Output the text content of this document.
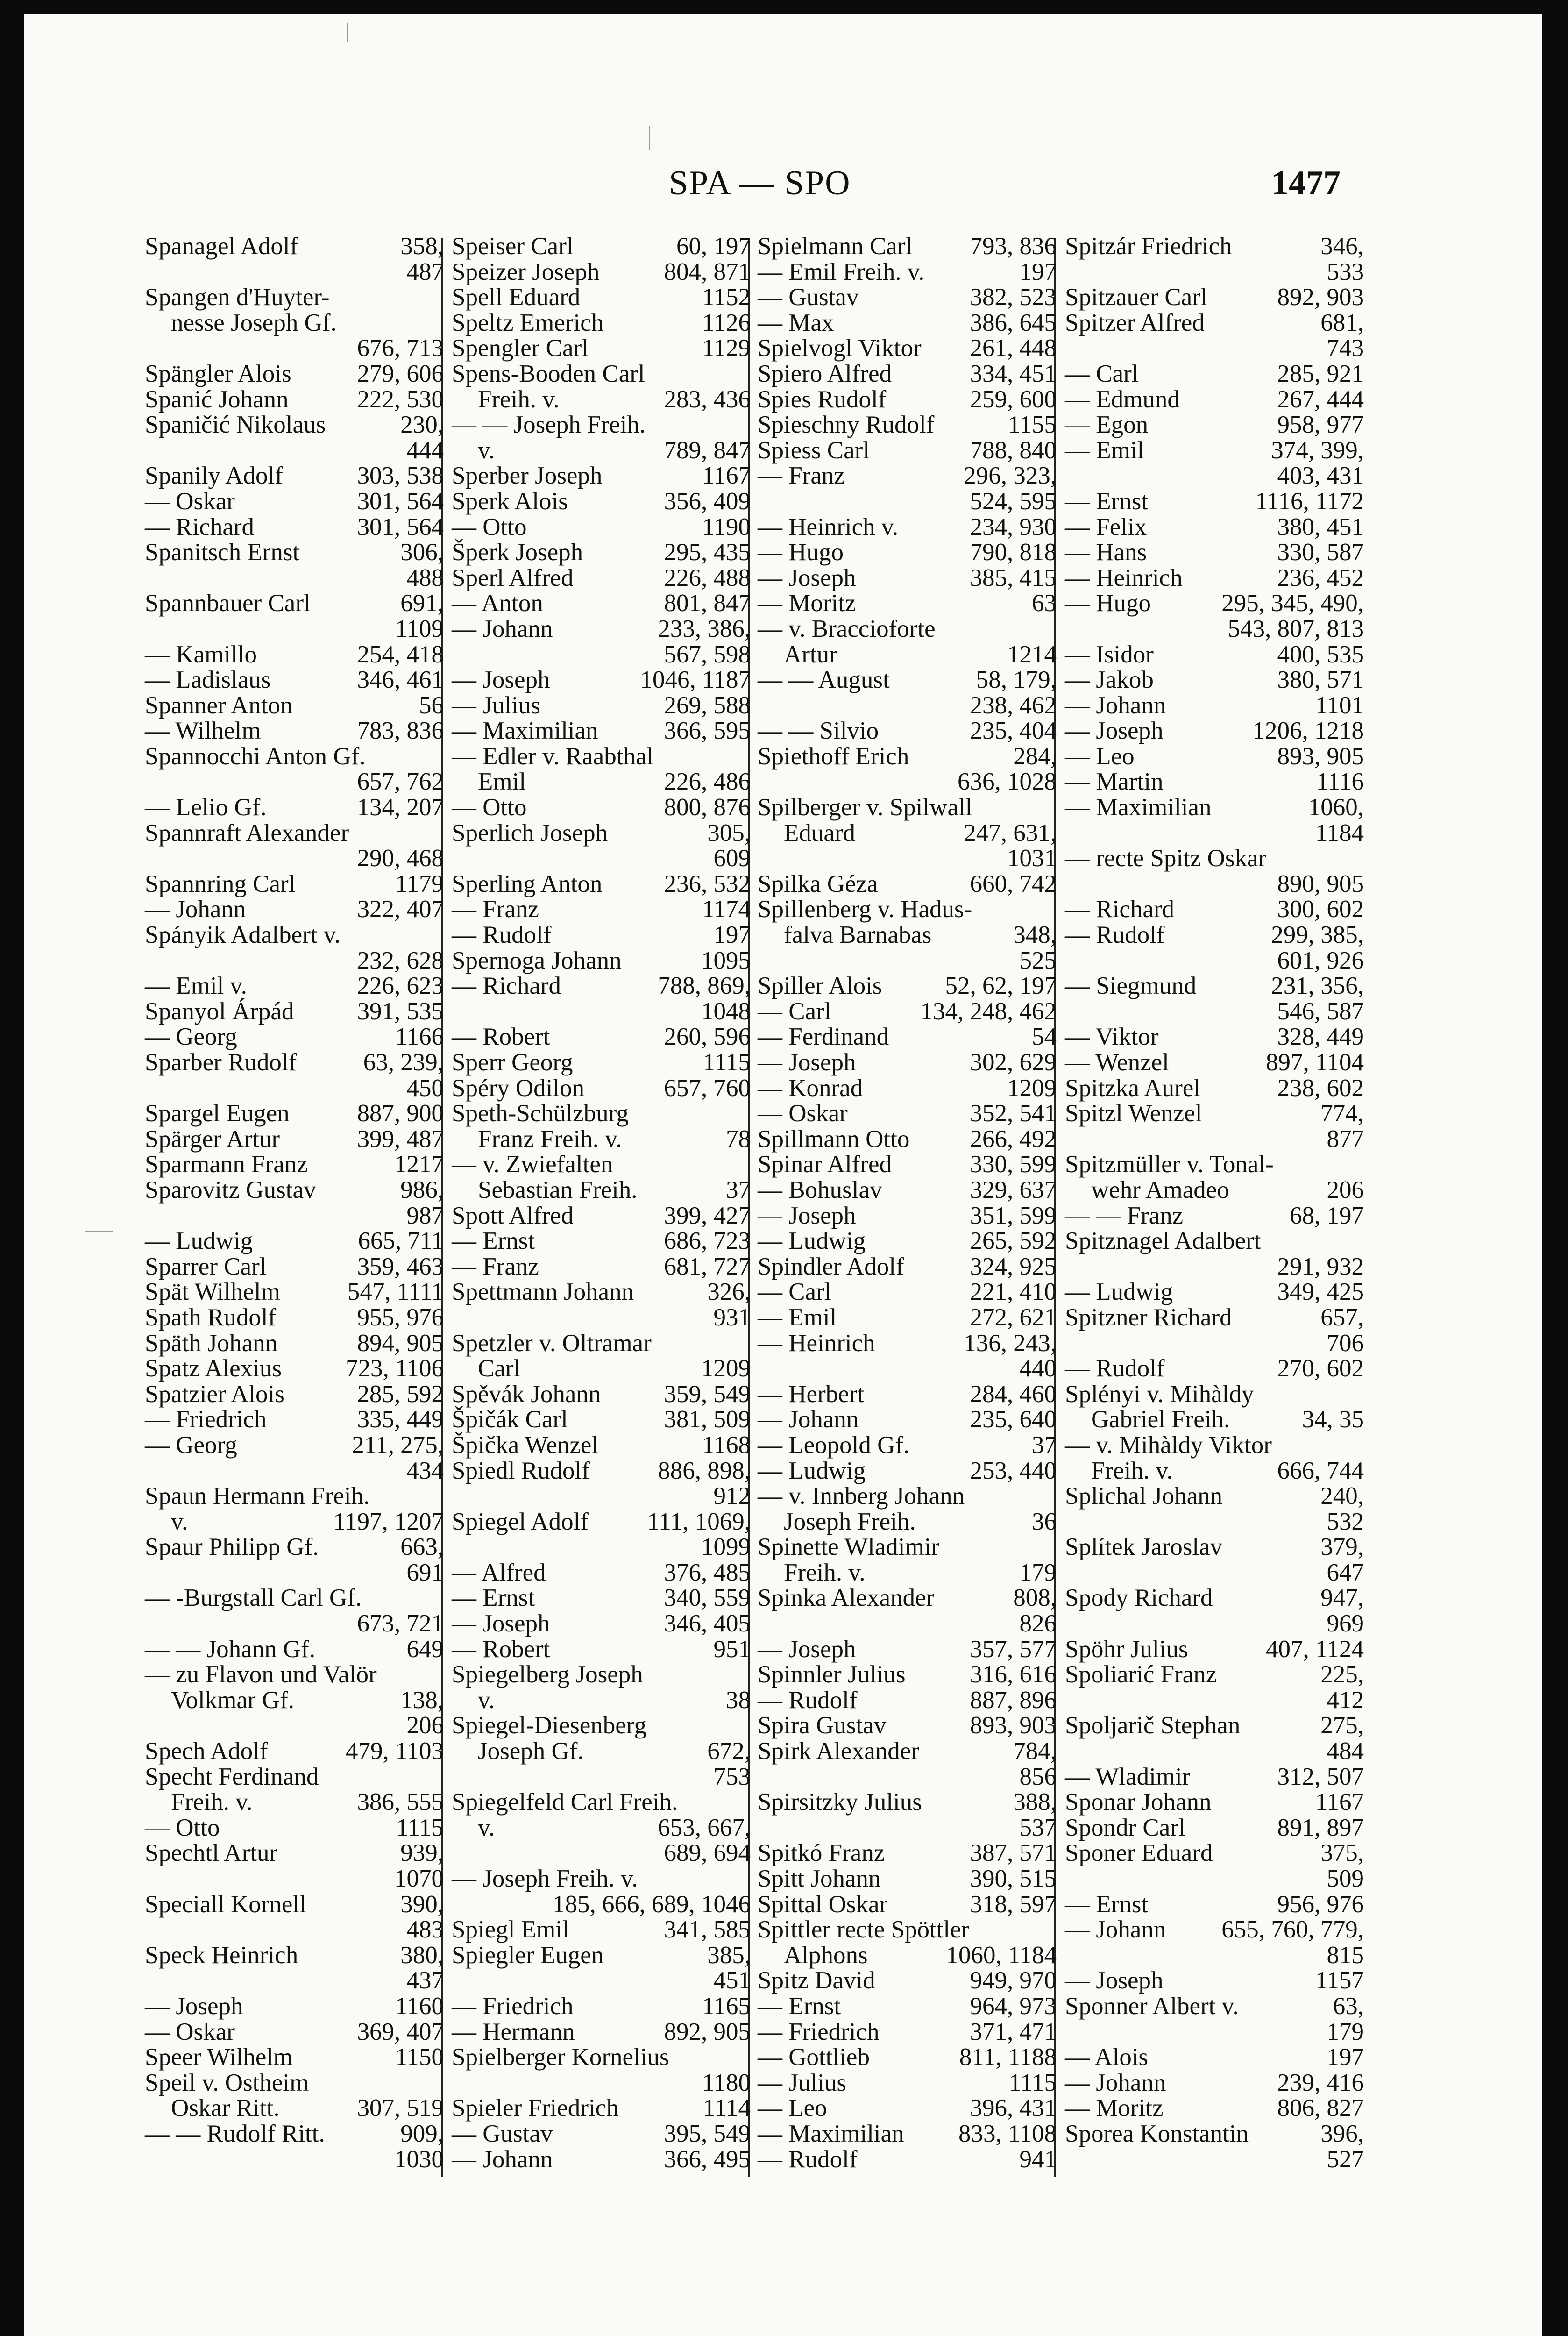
SPA — SPO	1477
Spanagel Adolf	358,
487
Spangen d'Huyter-
nesse Joseph Gf.
676, 713
Spängler Alois	279, 606
Spanić Johann	222, 530
Spaničić Nikolaus	230,
444
Spanily Adolf	303, 538
— Oskar	301, 564
— Richard	301, 564
Spanitsch Ernst	306,
488
Spannbauer Carl	691,
1109
— Kamillo	254, 418
— Ladislaus	346, 461
Spanner Anton	56
— Wilhelm	783, 836
Spannocchi Anton Gf.
657, 762
— Lelio Gf.	134, 207
Spannraft Alexander
290, 468
Spannring Carl	1179
— Johann	322, 407
Spányik Adalbert v.
232, 628
— Emil v.	226, 623
Spanyol Árpád	391, 535
— Georg	1166
Sparber Rudolf	63, 239,
450
Spargel Eugen	887, 900
Spärger Artur	399, 487
Sparmann Franz	1217
Sparovitz Gustav	986,
987
— Ludwig	665, 711
Sparrer Carl	359, 463
Spät Wilhelm	547, 1111
Spath Rudolf	955, 976
Späth Johann	894, 905
Spatz Alexius	723, 1106
Spatzier Alois	285, 592
— Friedrich	335, 449
— Georg	211, 275,
434
Spaun Hermann Freih.
v.	1197, 1207
Spaur Philipp Gf.	663,
691
— -Burgstall Carl Gf.
673, 721
— — Johann Gf.	649
— zu Flavon und Valör
Volkmar Gf.	138,
206
Spech Adolf	479, 1103
Specht Ferdinand
Freih. v.	386, 555
— Otto	1115
Spechtl Artur	939,
1070
Speciall Kornell	390,
483
Speck Heinrich	380,
437
— Joseph	1160
— Oskar	369, 407
Speer Wilhelm	1150
Speil v. Ostheim
Oskar Ritt.	307, 519
— — Rudolf Ritt.	909,
1030
Speiser Carl	60, 197
Speizer Joseph	804, 871
Spell Eduard	1152
Speltz Emerich	1126
Spengler Carl	1129
Spens-Booden Carl
Freih. v.	283, 436
— — Joseph Freih.
v.	789, 847
Sperber Joseph	1167
Sperk Alois	356, 409
— Otto	1190
Šperk Joseph	295, 435
Sperl Alfred	226, 488
— Anton	801, 847
— Johann	233, 386,
567, 598
— Joseph	1046, 1187
— Julius	269, 588
— Maximilian	366, 595
— Edler v. Raabthal
Emil	226, 486
— Otto	800, 876
Sperlich Joseph	305,
609
Sperling Anton 236, 532
— Franz	1174
— Rudolf	197
Spernoga Johann	1095
— Richard	788, 869,
1048
— Robert	260, 596
Sperr Georg	1115
Spéry Odilon	657, 760
Speth-Schülzburg
Franz Freih. v.	78
— v. Zwiefalten
Sebastian Freih.	37
Spott Alfred	399, 427
— Ernst	686, 723
— Franz	681, 727
Spettmann Johann	326,
931
Spetzler v. Oltramar
Carl	1209
Spěvák Johann	359, 549
Špičák Carl	381, 509
Špička Wenzel	1168
Spiedl Rudolf	886, 898,
912
Spiegel Adolf 111, 1069,
1099
— Alfred	376, 485
— Ernst	340, 559
— Joseph	346, 405
— Robert	951
Spiegelberg Joseph
v.	38
Spiegel-Diesenberg
Joseph Gf.	672,
753
Spiegelfeld Carl Freih.
v.	653, 667,
689, 694
— Joseph Freih. v.
185, 666, 689, 1046
Spiegl Emil	341, 585
Spiegler Eugen	385,
451
— Friedrich	1165
— Hermann	892, 905
Spielberger Kornelius
1180
Spieler Friedrich	1114
— Gustav	395, 549
— Johann	366, 495
Spielmann Carl 793, 836
— Emil Freih. v.	197
— Gustav	382, 523
— Max	386, 645
Spielvogl Viktor 261, 448
Spiero Alfred	334, 451
Spies Rudolf	259, 600
Spieschny Rudolf	1155
Spiess Carl	788, 840
— Franz	296, 323,
524, 595
— Heinrich v.	234, 930
— Hugo	790, 818
— Joseph	385, 415
— Moritz	63
— v. Braccioforte
Artur	1214
— — August	58, 179,
238, 462
— — Silvio	235, 404
Spiethoff Erich	284,
636, 1028
Spilberger v. Spilwall
Eduard	247, 631,
1031
Spilka Géza	660, 742
Spillenberg v. Hadus-
falva Barnabas	348,
525
Spiller Alois	52, 62, 197
— Carl	134, 248, 462
— Ferdinand	54
— Joseph	302, 629
— Konrad	1209
— Oskar	352, 541
Spillmann Otto 266, 492
Spinar Alfred	330, 599
— Bohuslav	329, 637
— Joseph	351, 599
— Ludwig	265, 592
Spindler Adolf	324, 925
— Carl	221, 410
— Emil	272, 621
— Heinrich	136, 243,
440
— Herbert	284, 460
— Johann	235, 640
— Leopold Gf.	37
— Ludwig	253, 440
— v. Innberg Johann
Joseph Freih.	36
Spinette Wladimir
Freih. v.	179
Spinka Alexander	808,
826
— Joseph	357, 577
Spinnler Julius	316, 616
— Rudolf	887, 896
Spira Gustav	893, 903
Spirk Alexander	784,
856
Spirsitzky Julius	388,
537
Spitkó Franz	387, 571
Spitt Johann	390, 515
Spittal Oskar	318, 597
Spittler recte Spöttler
Alphons	1060, 1184
Spitz David	949, 970
— Ernst	964, 973
— Friedrich	371, 471
— Gottlieb	811, 1188
— Julius	1115
— Leo	396, 431
— Maximilian 833, 1108
— Rudolf	941
Spitzár Friedrich	346,
533
Spitzauer Carl	892, 903
Spitzer Alfred	681,
743
— Carl	285, 921
— Edmund	267, 444
— Egon	958, 977
— Emil	374, 399,
403, 431
— Ernst	1116, 1172
— Felix	380, 451
— Hans	330, 587
— Heinrich	236, 452
— Hugo	295, 345, 490,
543, 807, 813
— Isidor	400, 535
— Jakob	380, 571
— Johann	1101
— Joseph	1206, 1218
— Leo	893, 905
— Martin	1116
— Maximilian	1060,
1184
— recte Spitz Oskar
890, 905
— Richard	300, 602
— Rudolf	299, 385,
601, 926
— Siegmund	231, 356,
546, 587
— Viktor	328, 449
— Wenzel	897, 1104
Spitzka Aurel	238, 602
Spitzl Wenzel	774,
877
Spitzmüller v. Tonal-
wehr Amadeo	206
— — Franz	68, 197
Spitznagel Adalbert
291, 932
— Ludwig	349, 425
Spitzner Richard	657,
706
— Rudolf	270, 602
Splényi v. Mihàldy
Gabriel Freih.	34, 35
— v. Mihàldy Viktor
Freih. v.	666, 744
Splichal Johann	240,
532
Splítek Jaroslav	379,
647
Spody Richard	947,
969
Spöhr Julius	407, 1124
Spoliarić Franz	225,
412
Spoljarič Stephan	275,
484
— Wladimir	312, 507
Sponar Johann	1167
Spondr Carl	891, 897
Sponer Eduard	375,
509
— Ernst	956, 976
— Johann 655, 760, 779,
815
— Joseph	1157
Sponner Albert v.	63,
179
— Alois	197
— Johann	239, 416
— Moritz	806, 827
Sporea Konstantin	396,
527
